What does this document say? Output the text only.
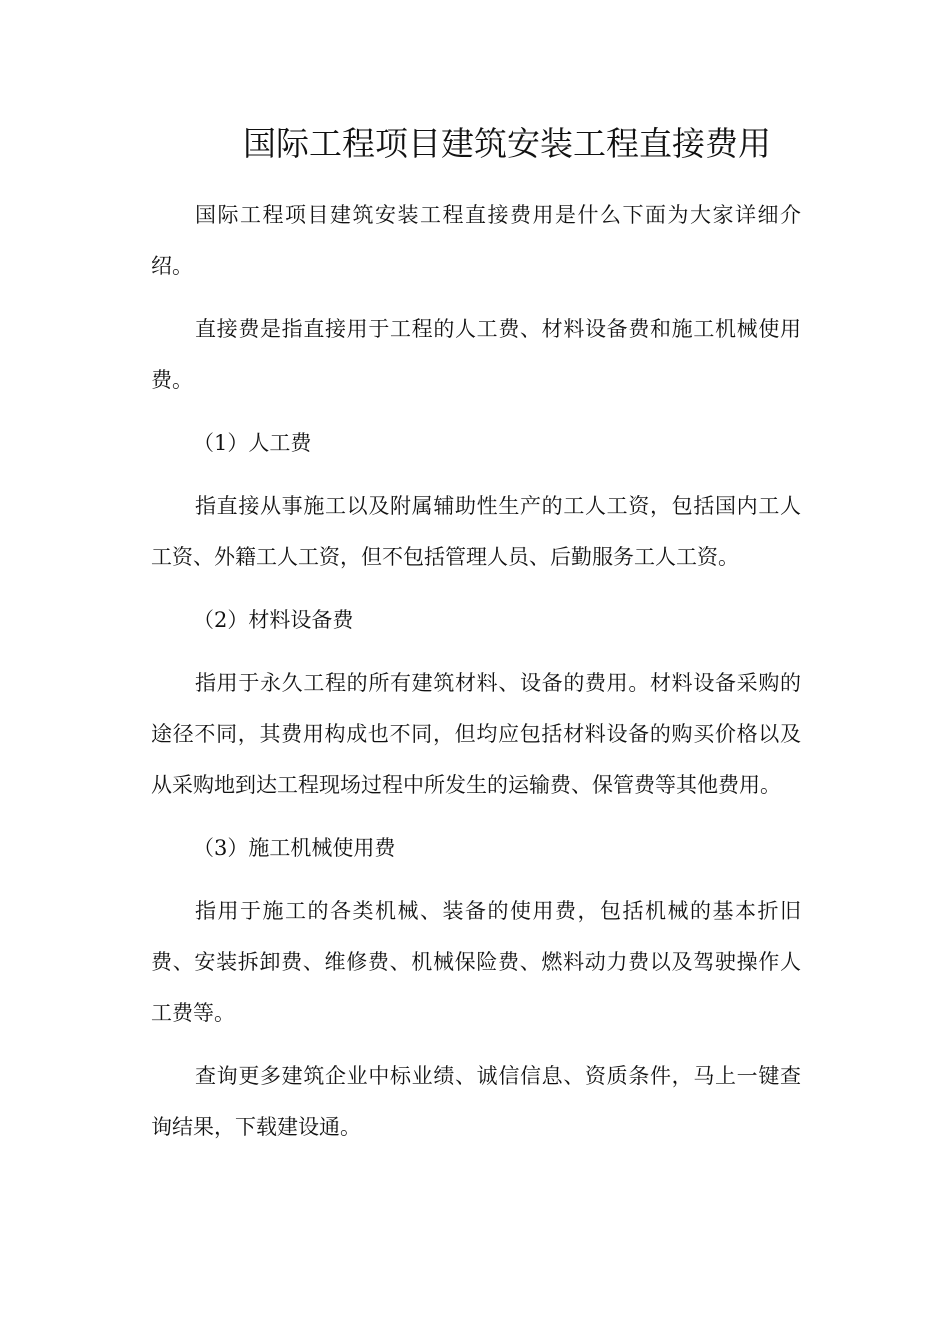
国际工程项目建筑安装工程直接费用

国际工程项目建筑安装工程直接费用是什么下面为大家详细介绍。

直接费是指直接用于工程的人工费、材料设备费和施工机械使用费。

（1）人工费

指直接从事施工以及附属辅助性生产的工人工资，包括国内工人工资、外籍工人工资，但不包括管理人员、后勤服务工人工资。

（2）材料设备费

指用于永久工程的所有建筑材料、设备的费用。材料设备采购的途径不同，其费用构成也不同，但均应包括材料设备的购买价格以及从采购地到达工程现场过程中所发生的运输费、保管费等其他费用。

（3）施工机械使用费

指用于施工的各类机械、装备的使用费，包括机械的基本折旧费、安装拆卸费、维修费、机械保险费、燃料动力费以及驾驶操作人工费等。

查询更多建筑企业中标业绩、诚信信息、资质条件，马上一键查询结果，下载建设通。
